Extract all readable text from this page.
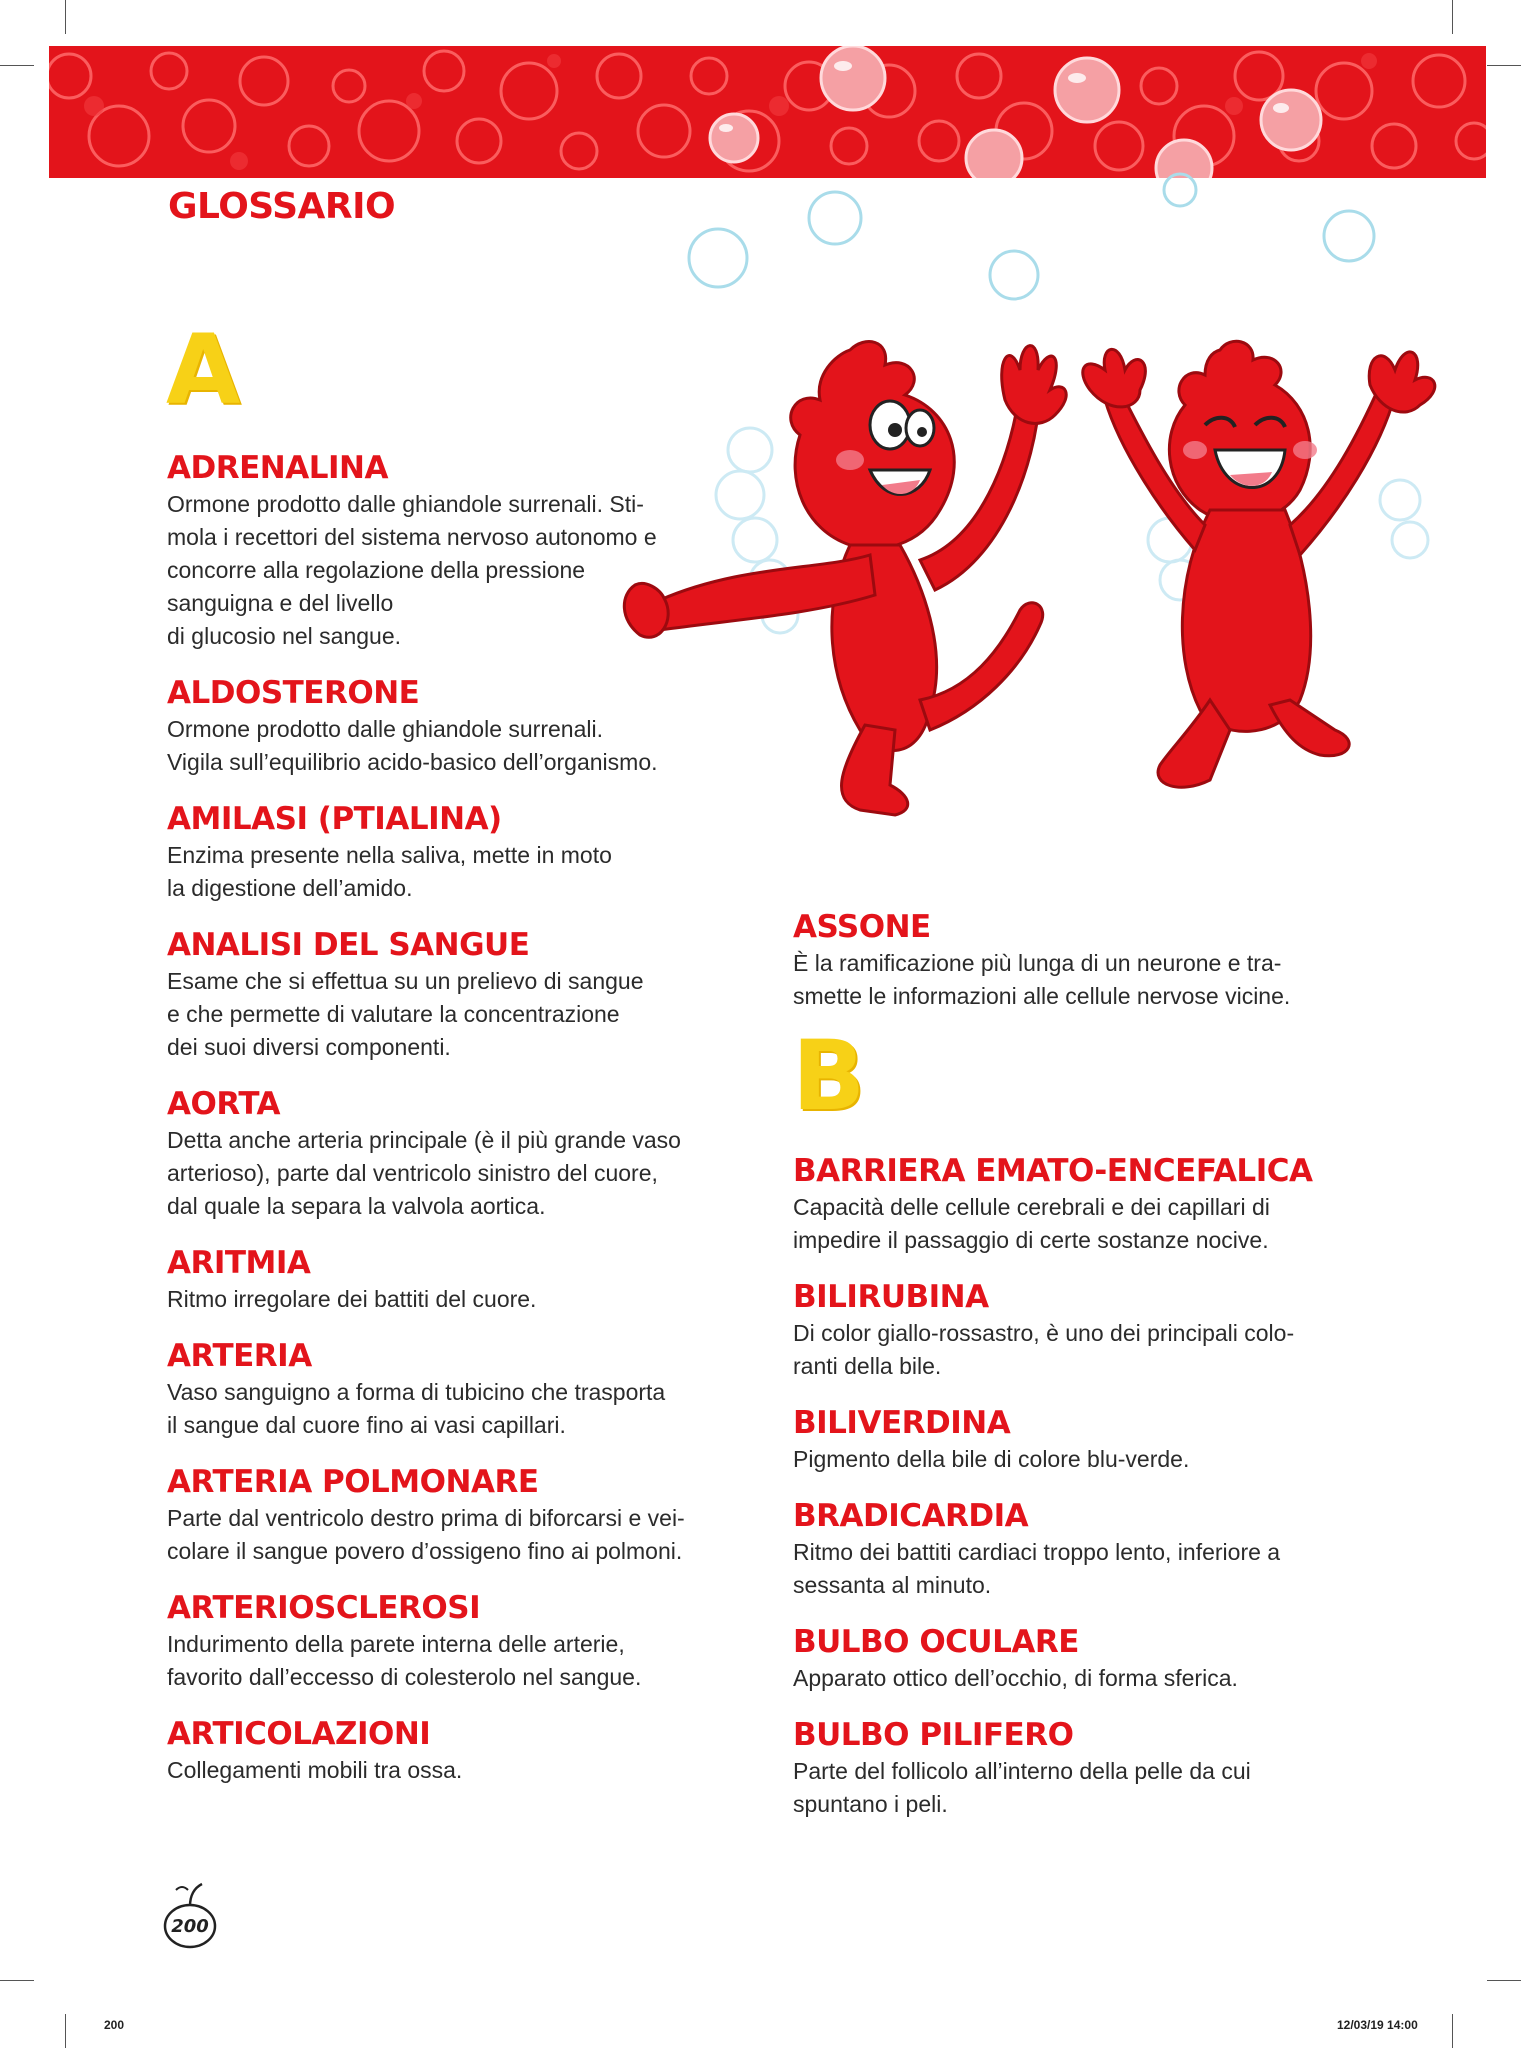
GLOSSARIO
A
ADRENALINA

Ormone prodotto dalle ghiandole surrenali. Sti-
mola i recettori del sistema nervoso autonomo e
concorre alla regolazione della pressione
sanguigna e del livello
di glucosio nel sangue.

ALDOSTERONE

Ormone prodotto dalle ghiandole surrenali.
Vigila sull’equilibrio acido-basico dell’organismo.

AMILASI (PTIALINA)

Enzima presente nella saliva, mette in moto
la digestione dell’amido.

ANALISI DEL SANGUE

Esame che si effettua su un prelievo di sangue
e che permette di valutare la concentrazione
dei suoi diversi componenti.

AORTA

Detta anche arteria principale (è il più grande vaso
arterioso), parte dal ventricolo sinistro del cuore,
dal quale la separa la valvola aortica.

ARITMIA

Ritmo irregolare dei battiti del cuore.

ARTERIA

Vaso sanguigno a forma di tubicino che trasporta
il sangue dal cuore fino ai vasi capillari.

ARTERIA POLMONARE

Parte dal ventricolo destro prima di biforcarsi e vei-
colare il sangue povero d’ossigeno fino ai polmoni.

ARTERIOSCLEROSI

Indurimento della parete interna delle arterie,
favorito dall’eccesso di colesterolo nel sangue.

ARTICOLAZIONI

Collegamenti mobili tra ossa.

ASSONE

È la ramificazione più lunga di un neurone e tra-
smette le informazioni alle cellule nervose vicine.

BARRIERA EMATO-ENCEFALICA

Capacità delle cellule cerebrali e dei capillari di
impedire il passaggio di certe sostanze nocive.

BILIRUBINA

Di color giallo-rossastro, è uno dei principali colo-
ranti della bile.

BILIVERDINA

Pigmento della bile di colore blu-verde.

BRADICARDIA

Ritmo dei battiti cardiaci troppo lento, inferiore a
sessanta al minuto.

BULBO OCULARE

Apparato ottico dell’occhio, di forma sferica.

BULBO PILIFERO

Parte del follicolo all’interno della pelle da cui
spuntano i peli.

B
200
200	12/03/19 14:00
